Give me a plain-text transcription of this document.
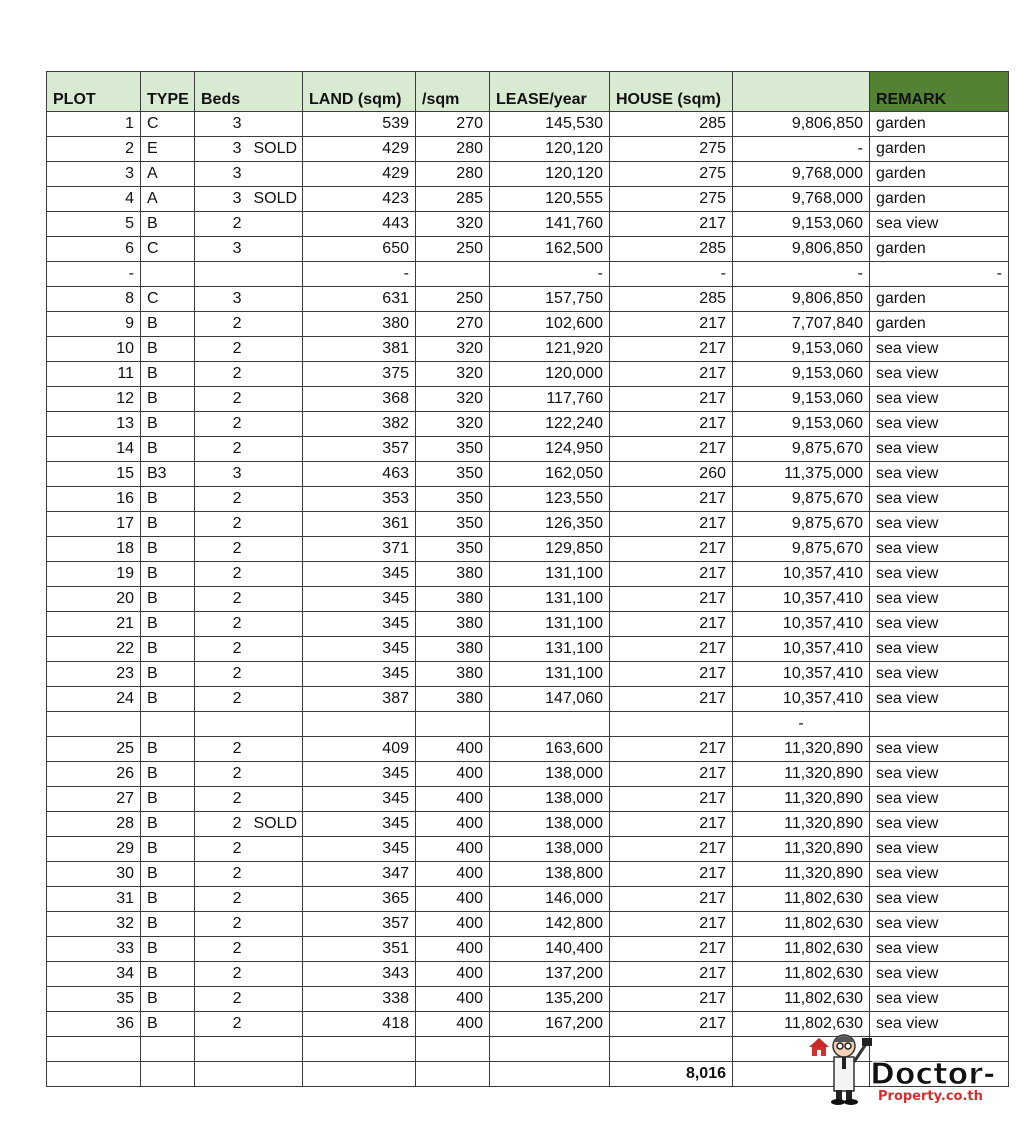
PLOT	TYPE	Beds		LAND (sqm)	/sqm	LEASE/year	HOUSE (sqm)		REMARK
1	C	3		539	270	145,530	285	9,806,850	garden
2	E	3	SOLD	429	280	120,120	275	-	garden
3	A	3		429	280	120,120	275	9,768,000	garden
4	A	3	SOLD	423	285	120,555	275	9,768,000	garden
5	B	2		443	320	141,760	217	9,153,060	sea view
6	C	3		650	250	162,500	285	9,806,850	garden
-				-		-	-	-	-
8	C	3		631	250	157,750	285	9,806,850	garden
9	B	2		380	270	102,600	217	7,707,840	garden
10	B	2		381	320	121,920	217	9,153,060	sea view
11	B	2		375	320	120,000	217	9,153,060	sea view
12	B	2		368	320	117,760	217	9,153,060	sea view
13	B	2		382	320	122,240	217	9,153,060	sea view
14	B	2		357	350	124,950	217	9,875,670	sea view
15	B3	3		463	350	162,050	260	11,375,000	sea view
16	B	2		353	350	123,550	217	9,875,670	sea view
17	B	2		361	350	126,350	217	9,875,670	sea view
18	B	2		371	350	129,850	217	9,875,670	sea view
19	B	2		345	380	131,100	217	10,357,410	sea view
20	B	2		345	380	131,100	217	10,357,410	sea view
21	B	2		345	380	131,100	217	10,357,410	sea view
22	B	2		345	380	131,100	217	10,357,410	sea view
23	B	2		345	380	131,100	217	10,357,410	sea view
24	B	2		387	380	147,060	217	10,357,410	sea view
								-	
25	B	2		409	400	163,600	217	11,320,890	sea view
26	B	2		345	400	138,000	217	11,320,890	sea view
27	B	2		345	400	138,000	217	11,320,890	sea view
28	B	2	SOLD	345	400	138,000	217	11,320,890	sea view
29	B	2		345	400	138,000	217	11,320,890	sea view
30	B	2		347	400	138,800	217	11,320,890	sea view
31	B	2		365	400	146,000	217	11,802,630	sea view
32	B	2		357	400	142,800	217	11,802,630	sea view
33	B	2		351	400	140,400	217	11,802,630	sea view
34	B	2		343	400	137,200	217	11,802,630	sea view
35	B	2		338	400	135,200	217	11,802,630	sea view
36	B	2		418	400	167,200	217	11,802,630	sea view

							8,016			Doctor-
Property.co.th
